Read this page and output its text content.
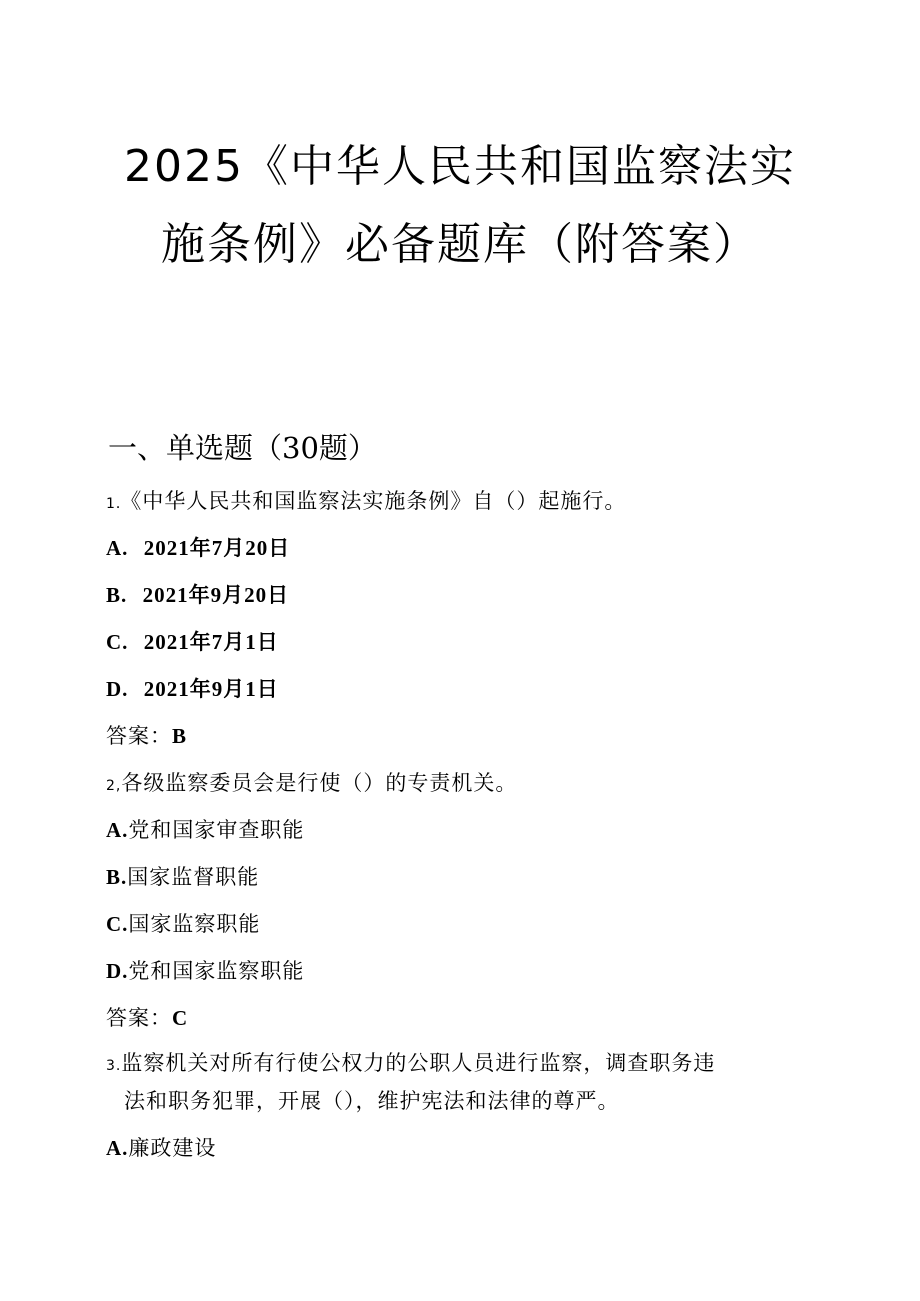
2025《中华人民共和国监察法实
施条例》必备题库（附答案）
一、单选题（30题）
1．《中华人民共和国监察法实施条例》自（）起施行。
A. 2021年7月20日
B. 2021年9月20日
C. 2021年7月1日
D. 2021年9月1日
答案：B
2,各级监察委员会是行使（）的专责机关。
A.党和国家审查职能
B.国家监督职能
C.国家监察职能
D.党和国家监察职能
答案：C
3.监察机关对所有行使公权力的公职人员进行监察，调查职务违
法和职务犯罪，开展（），维护宪法和法律的尊严。
A.廉政建设
